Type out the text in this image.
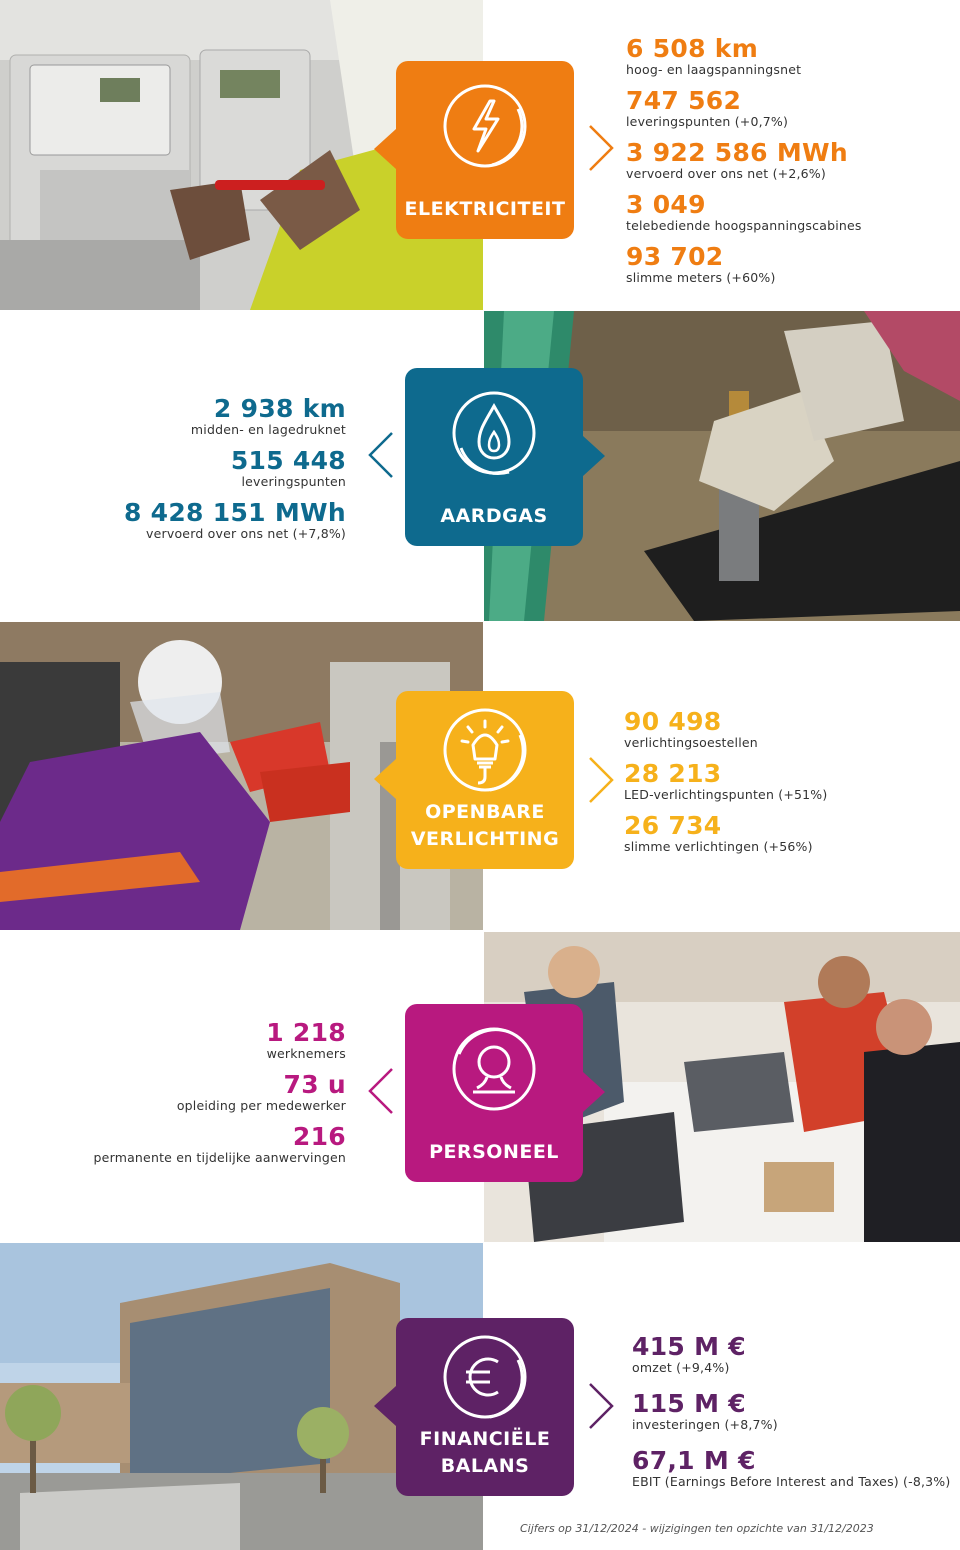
ELEKTRICITEIT
6 508 km
hoog- en laagspanningsnet
747 562
leveringspunten (+0,7%)
3 922 586 MWh
vervoerd over ons net (+2,6%)
3 049
telebediende hoogspanningscabines
93 702
slimme meters (+60%)
AARDGAS
2 938 km
midden- en lagedruknet
515 448
leveringspunten
8 428 151 MWh
vervoerd over ons net (+7,8%)
OPENBARE
VERLICHTING
90 498
verlichtingsoestellen
28 213
LED-verlichtingspunten (+51%)
26 734
slimme verlichtingen (+56%)
PERSONEEL
1 218
werknemers
73 u
opleiding per medewerker
216
permanente en tijdelijke aanwervingen
FINANCIËLE
BALANS
415 M €
omzet (+9,4%)
115 M €
investeringen (+8,7%)
67,1 M €
EBIT (Earnings Before Interest and Taxes) (-8,3%)
Cijfers op 31/12/2024 - wijzigingen ten opzichte van 31/12/2023
